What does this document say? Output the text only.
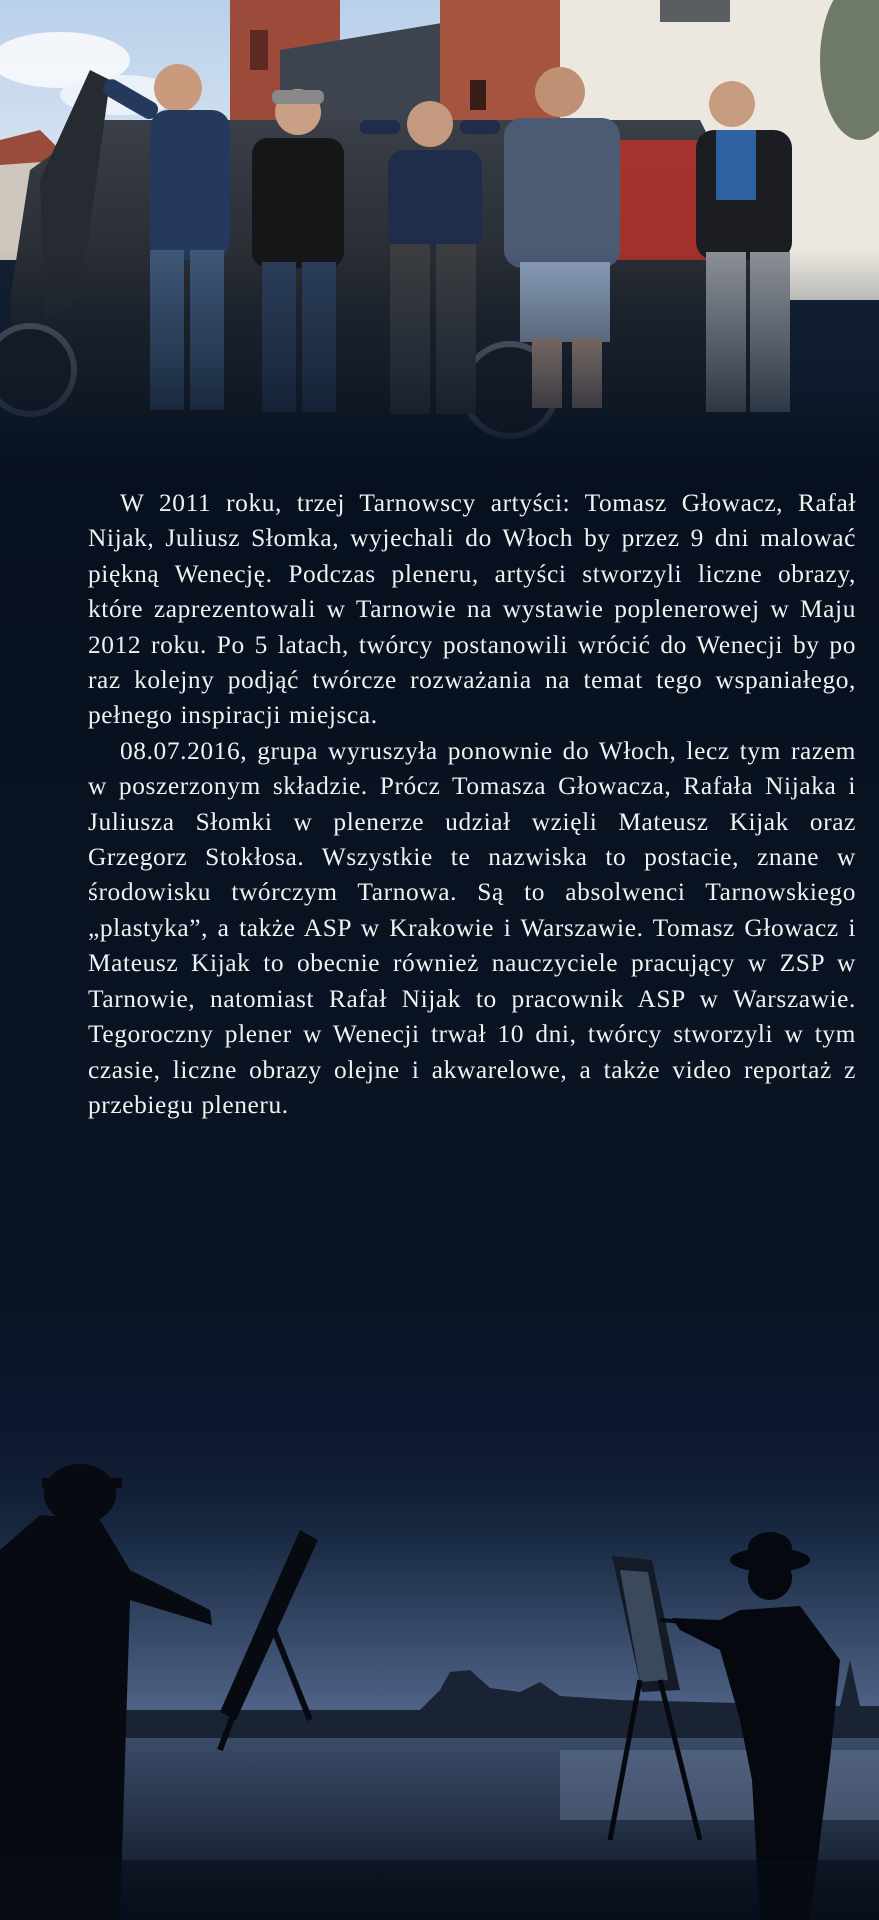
W 2011 roku, trzej Tarnowscy artyści: Tomasz Głowacz, Rafał Nijak, Juliusz Słomka, wyjechali do Włoch by przez 9 dni malować piękną Wenecję. Podczas pleneru, artyści stworzyli liczne obrazy, które zaprezentowali w Tarnowie na wystawie poplenerowej w Maju 2012 roku. Po 5 latach, twórcy postanowili wrócić do Wenecji by po raz kolejny podjąć twórcze rozważania na temat tego wspaniałego, pełnego inspiracji miejsca.

08.07.2016, grupa wyruszyła ponownie do Włoch, lecz tym razem w poszerzonym składzie. Prócz Tomasza Głowacza, Rafała Nijaka i Juliusza Słomki w plenerze udział wzięli Mateusz Kijak oraz Grzegorz Stokłosa. Wszystkie te nazwiska to postacie, znane w środowisku twórczym Tarnowa. Są to absolwenci Tarnowskiego „plastyka”, a także ASP w Krakowie i Warszawie. Tomasz Głowacz i Mateusz Kijak to obecnie również nauczyciele pracujący w ZSP w Tarnowie, natomiast Rafał Nijak to pracownik ASP w Warszawie. Tegoroczny plener w Wenecji trwał 10 dni, twórcy stworzyli w tym czasie, liczne obrazy olejne i akwarelowe, a także video reportaż z przebiegu pleneru.
